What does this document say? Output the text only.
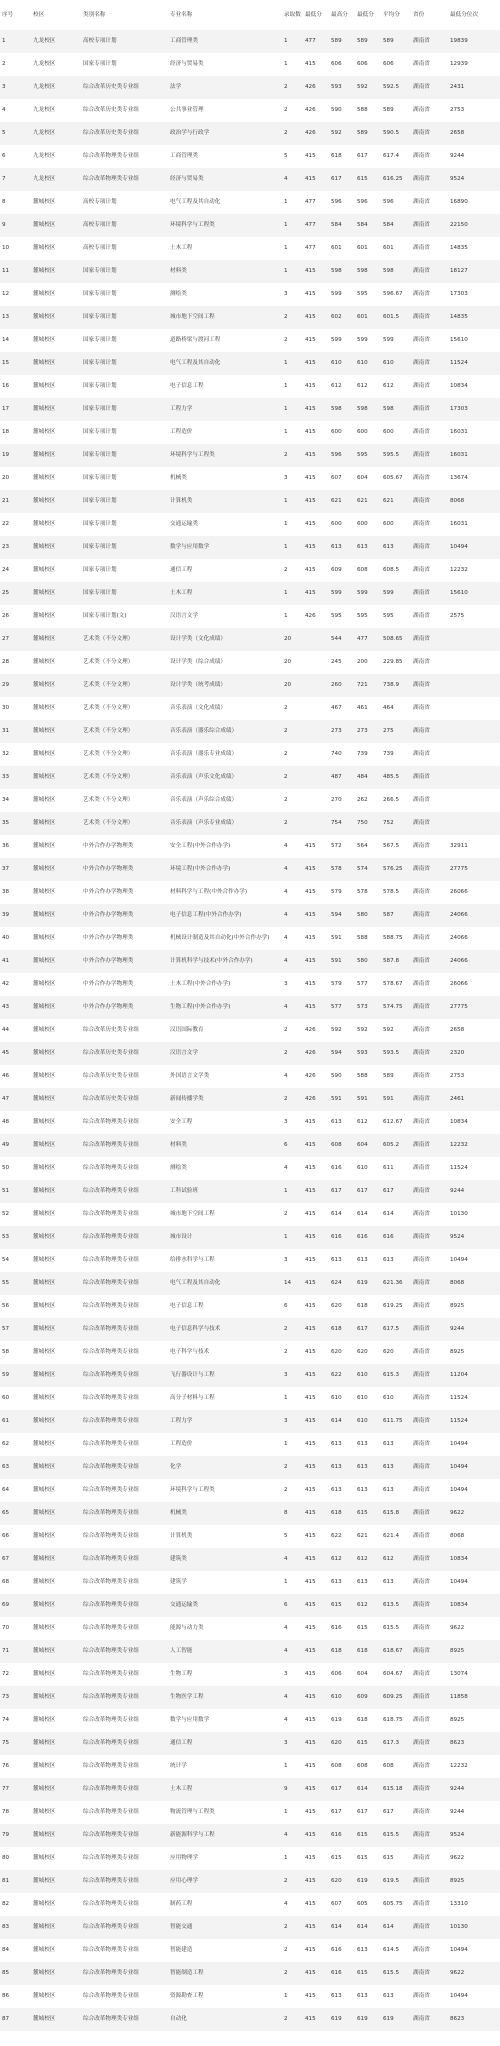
序号	校区	类别名称	专业名称	录取数	最低分	最高分	最低分	平均分	省份	最低分位次
1	九龙校区	高校专项计划	工商管理类	1	477	589	589	589	湖南省	19839
2	九龙校区	国家专项计划	经济与贸易类	1	415	606	606	606	湖南省	12939
3	九龙校区	综合改革历史类专业组	法学	2	426	593	592	592.5	湖南省	2431
4	九龙校区	综合改革历史类专业组	公共事业管理	2	426	590	588	589	湖南省	2753
5	九龙校区	综合改革历史类专业组	政治学与行政学	2	426	592	589	590.5	湖南省	2658
6	九龙校区	综合改革物理类专业组	工商管理类	5	415	618	617	617.4	湖南省	9244
7	九龙校区	综合改革物理类专业组	经济与贸易类	4	415	617	615	616.25	湖南省	9524
8	麓城校区	高校专项计划	电气工程及其自动化	1	477	596	596	596	湖南省	16890
9	麓城校区	高校专项计划	环境科学与工程类	1	477	584	584	584	湖南省	22150
10	麓城校区	高校专项计划	土木工程	1	477	601	601	601	湖南省	14835
11	麓城校区	国家专项计划	材料类	1	415	598	598	598	湖南省	18127
12	麓城校区	国家专项计划	测绘类	3	415	599	595	596.67	湖南省	17303
13	麓城校区	国家专项计划	城市地下空间工程	2	415	602	601	601.5	湖南省	14835
14	麓城校区	国家专项计划	道路桥梁与渡河工程	2	415	599	599	599	湖南省	15610
15	麓城校区	国家专项计划	电气工程及其自动化	1	415	610	610	610	湖南省	11524
16	麓城校区	国家专项计划	电子信息工程	1	415	612	612	612	湖南省	10834
17	麓城校区	国家专项计划	工程力学	1	415	598	598	598	湖南省	17303
18	麓城校区	国家专项计划	工程造价	1	415	600	600	600	湖南省	16031
19	麓城校区	国家专项计划	环境科学与工程类	2	415	596	595	595.5	湖南省	16031
20	麓城校区	国家专项计划	机械类	3	415	607	604	605.67	湖南省	13674
21	麓城校区	国家专项计划	计算机类	1	415	621	621	621	湖南省	8068
22	麓城校区	国家专项计划	交通运输类	1	415	600	600	600	湖南省	16031
23	麓城校区	国家专项计划	数学与应用数学	1	415	613	613	613	湖南省	10494
24	麓城校区	国家专项计划	通信工程	2	415	609	608	608.5	湖南省	12232
25	麓城校区	国家专项计划	土木工程	1	415	599	599	599	湖南省	15610
26	麓城校区	国家专项计划(文)	汉语言文学	1	426	595	595	595	湖南省	2575
27	麓城校区	艺术类（不分文理）	设计学类（文化成绩）	20		544	477	508.65	湖南省	
28	麓城校区	艺术类（不分文理）	设计学类（综合成绩）	20		245	200	229.85	湖南省	
29	麓城校区	艺术类（不分文理）	设计学类（统考成绩）	20		260	721	738.9	湖南省	
30	麓城校区	艺术类（不分文理）	音乐表演（文化成绩）	2		467	461	464	湖南省	
31	麓城校区	艺术类（不分文理）	音乐表演（器乐综合成绩）	2		273	273	275	湖南省	
32	麓城校区	艺术类（不分文理）	音乐表演（器乐专业成绩）	2		740	739	739	湖南省	
33	麓城校区	艺术类（不分文理）	音乐表演（声乐文化成绩）	2		487	484	485.5	湖南省	
34	麓城校区	艺术类（不分文理）	音乐表演（声乐综合成绩）	2		270	262	266.5	湖南省	
35	麓城校区	艺术类（不分文理）	音乐表演（声乐专业成绩）	2		754	750	752	湖南省	
36	麓城校区	中外合作办学物理类	安全工程(中外合作办学)	4	415	572	564	567.5	湖南省	32911
37	麓城校区	中外合作办学物理类	环境工程(中外合作办学)	4	415	578	574	576.25	湖南省	27775
38	麓城校区	中外合作办学物理类	材料科学与工程(中外合作办学)	4	415	579	578	578.5	湖南省	26066
39	麓城校区	中外合作办学物理类	电子信息工程(中外合作办学)	4	415	594	580	587	湖南省	24066
40	麓城校区	中外合作办学物理类	机械设计制造及其自动化(中外合作办学)	4	415	591	588	588.75	湖南省	24066
41	麓城校区	中外合作办学物理类	计算机科学与技术(中外合作办学)	4	415	591	580	587.8	湖南省	24066
42	麓城校区	中外合作办学物理类	土木工程(中外合作办学)	3	415	579	577	578.67	湖南省	26066
43	麓城校区	中外合作办学物理类	生物工程(中外合作办学)	4	415	577	573	574.75	湖南省	27775
44	麓城校区	综合改革历史类专业组	汉语国际教育	2	426	592	592	592	湖南省	2658
45	麓城校区	综合改革历史类专业组	汉语言文学	2	426	594	593	593.5	湖南省	2320
46	麓城校区	综合改革历史类专业组	外国语言文学类	4	426	590	588	589	湖南省	2753
47	麓城校区	综合改革历史类专业组	新闻传播学类	2	426	591	591	591	湖南省	2461
48	麓城校区	综合改革物理类专业组	安全工程	3	415	613	612	612.67	湖南省	10834
49	麓城校区	综合改革物理类专业组	材料类	6	415	608	604	605.2	湖南省	12232
50	麓城校区	综合改革物理类专业组	测绘类	4	415	616	610	611	湖南省	11524
51	麓城校区	综合改革物理类专业组	工科试验班	1	415	617	617	617	湖南省	9244
52	麓城校区	综合改革物理类专业组	城市地下空间工程	2	415	614	614	614	湖南省	10130
53	麓城校区	综合改革物理类专业组	城市设计	1	415	616	616	616	湖南省	9524
54	麓城校区	综合改革物理类专业组	给排水科学与工程	3	415	613	613	613	湖南省	10494
55	麓城校区	综合改革物理类专业组	电气工程及其自动化	14	415	624	619	621.36	湖南省	8068
56	麓城校区	综合改革物理类专业组	电子信息工程	6	415	620	618	619.25	湖南省	8925
57	麓城校区	综合改革物理类专业组	电子信息科学与技术	2	415	618	617	617.5	湖南省	9244
58	麓城校区	综合改革物理类专业组	电子科学与技术	2	415	620	620	620	湖南省	8925
59	麓城校区	综合改革物理类专业组	飞行器设计与工程	3	415	622	610	615.3	湖南省	11204
60	麓城校区	综合改革物理类专业组	高分子材料与工程	1	415	610	610	610	湖南省	11524
61	麓城校区	综合改革物理类专业组	工程力学	3	415	614	610	611.75	湖南省	11524
62	麓城校区	综合改革物理类专业组	工程造价	1	415	613	613	613	湖南省	10494
63	麓城校区	综合改革物理类专业组	化学	2	415	613	613	613	湖南省	10494
64	麓城校区	综合改革物理类专业组	环境科学与工程类	2	415	613	613	613	湖南省	10494
65	麓城校区	综合改革物理类专业组	机械类	8	415	618	615	615.8	湖南省	9622
66	麓城校区	综合改革物理类专业组	计算机类	5	415	622	621	621.4	湖南省	8068
67	麓城校区	综合改革物理类专业组	建筑类	4	415	612	612	612	湖南省	10834
68	麓城校区	综合改革物理类专业组	建筑学	1	415	613	613	613	湖南省	10494
69	麓城校区	综合改革物理类专业组	交通运输类	6	415	615	612	613.5	湖南省	10834
70	麓城校区	综合改革物理类专业组	能源与动力类	4	415	616	615	615.5	湖南省	9622
71	麓城校区	综合改革物理类专业组	人工智能	4	415	618	618	618.67	湖南省	8925
72	麓城校区	综合改革物理类专业组	生物工程	3	415	606	604	604.67	湖南省	13074
73	麓城校区	综合改革物理类专业组	生物医学工程	4	415	610	609	609.25	湖南省	11858
74	麓城校区	综合改革物理类专业组	数学与应用数学	4	415	619	618	618.75	湖南省	8925
75	麓城校区	综合改革物理类专业组	通信工程	3	415	620	615	617.3	湖南省	8623
76	麓城校区	综合改革物理类专业组	统计学	1	415	608	608	608	湖南省	12232
77	麓城校区	综合改革物理类专业组	土木工程	9	415	617	614	615.18	湖南省	9244
78	麓城校区	综合改革物理类专业组	物流管理与工程类	1	415	617	617	617	湖南省	9244
79	麓城校区	综合改革物理类专业组	新能源科学与工程	4	415	616	615	615.5	湖南省	9524
80	麓城校区	综合改革物理类专业组	应用物理学	1	415	615	615	615	湖南省	9622
81	麓城校区	综合改革物理类专业组	应用心理学	2	415	620	619	619.5	湖南省	8925
82	麓城校区	综合改革物理类专业组	制药工程	4	415	607	605	605.75	湖南省	13310
83	麓城校区	综合改革物理类专业组	智能交通	2	415	614	614	614	湖南省	10130
84	麓城校区	综合改革物理类专业组	智能建造	2	415	616	613	614.5	湖南省	10494
85	麓城校区	综合改革物理类专业组	智能制造工程	2	415	616	615	615.5	湖南省	9622
86	麓城校区	综合改革物理类专业组	资源勘查工程	1	415	613	613	613	湖南省	10494
87	麓城校区	综合改革物理类专业组	自动化	2	415	619	619	619	湖南省	8623
